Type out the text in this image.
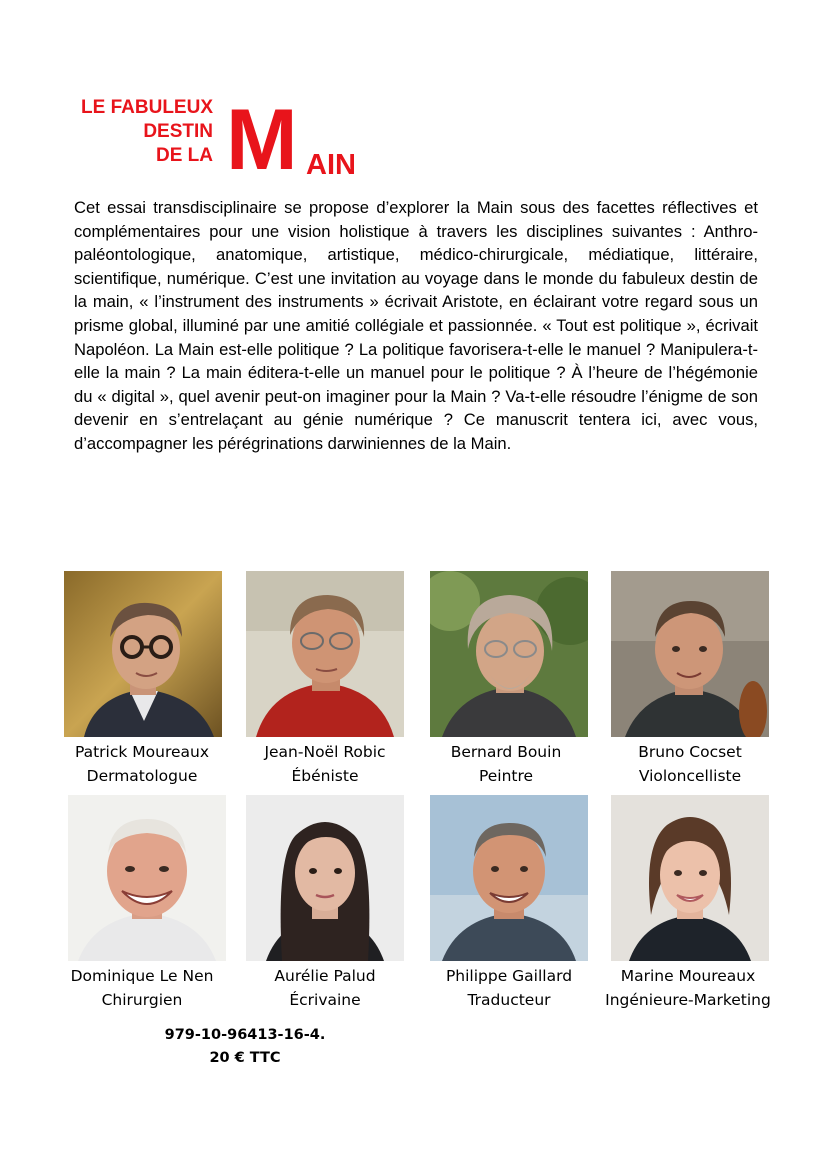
LE FABULEUX
DESTIN
DE LA M AIN
Cet essai transdisciplinaire se propose d’explorer la Main sous des facettes réflectives et complémentaires pour une vision holistique à travers les disciplines suivantes : Anthro-paléontologique, anatomique, artistique, médico-chirurgicale, médiatique, littéraire, scientifique, numérique. C’est une invitation au voyage dans le monde du fabuleux destin de la main, « l’instrument des instruments » écrivait Aristote, en éclairant votre regard sous un prisme global, illuminé par une amitié collégiale et passionnée. « Tout est politique », écrivait Napoléon. La Main est-elle politique ? La politique favorisera-t-elle le manuel ? Manipulera-t-elle la main ? La main éditera-t-elle un manuel pour le politique ? À l’heure de l’hégémonie du « digital », quel avenir peut-on imaginer pour la Main ? Va-t-elle résoudre l’énigme de son devenir en s’entrelaçant au génie numérique ? Ce manuscrit tentera ici, avec vous, d’accompagner les pérégrinations darwiniennes de la Main.
Patrick Moureaux
Dermatologue
Jean-Noël Robic
Ébéniste
Bernard Bouin
Peintre
Bruno Cocset
Violoncelliste
Dominique Le Nen
Chirurgien
Aurélie Palud
Écrivaine
Philippe Gaillard
Traducteur
Marine Moureaux
Ingénieure-Marketing
979-10-96413-16-4.
20 € TTC
